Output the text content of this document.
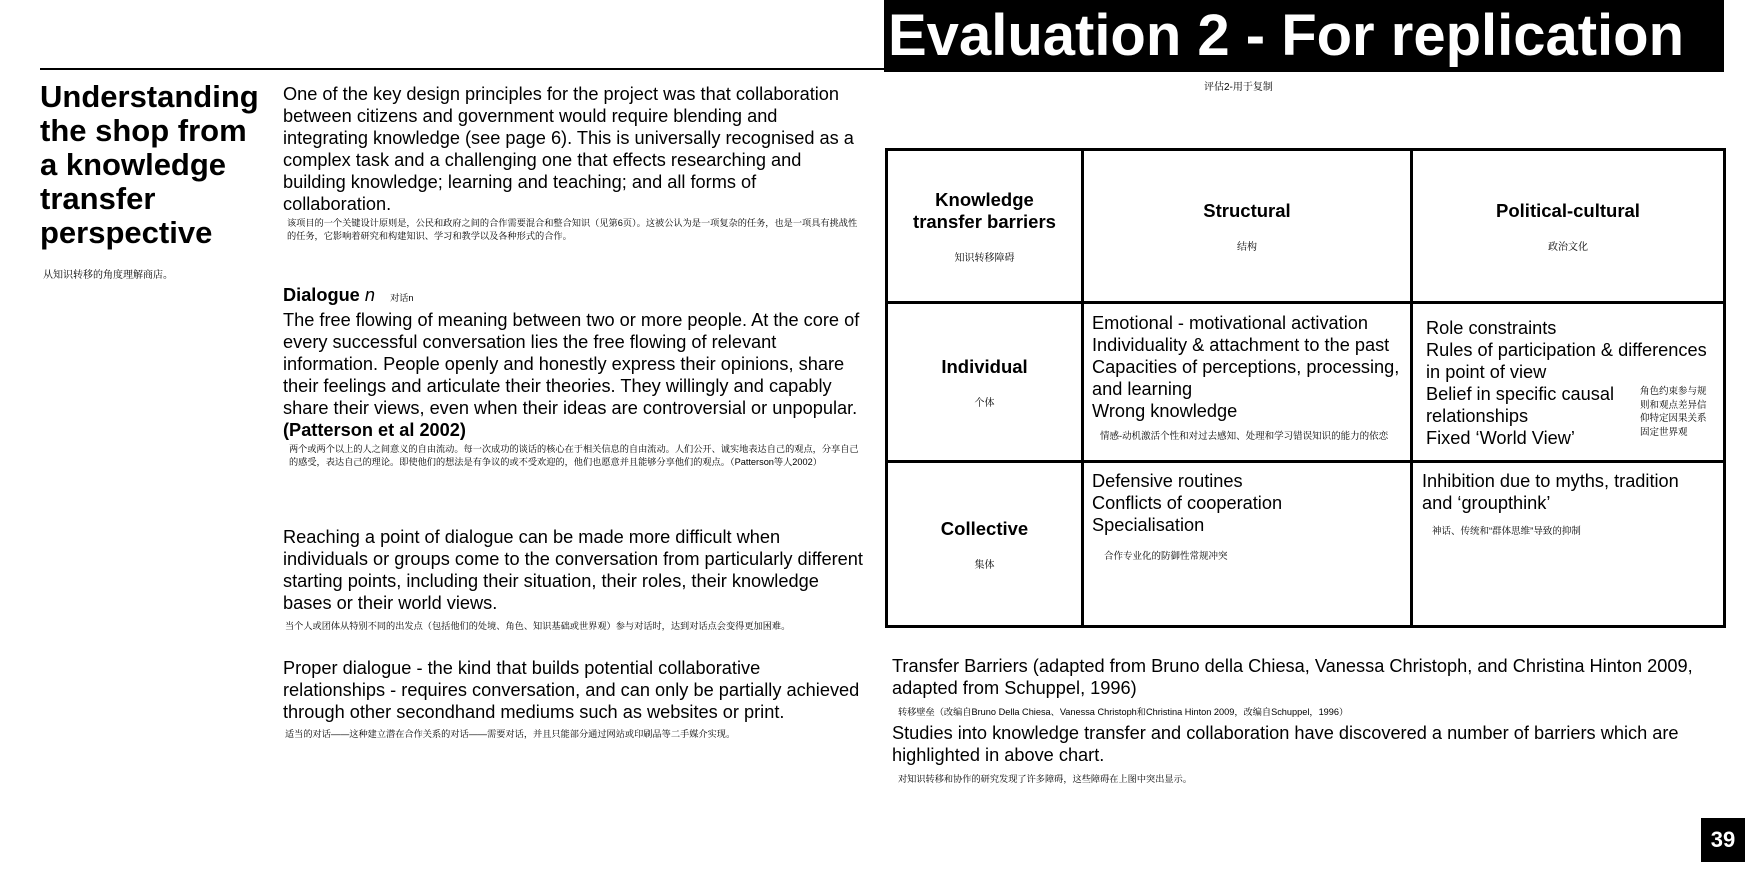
Evaluation 2 - For replication
评估2-用于复制
Understanding the shop from a knowledge transfer perspective
从知识转移的角度理解商店。
One of the key design principles for the project was that collaboration between citizens and government would require blending and integrating knowledge (see page 6). This is universally recognised as a complex task and a challenging one that effects researching and building knowledge; learning and teaching; and all forms of collaboration.
该项目的一个关键设计原则是，公民和政府之间的合作需要混合和整合知识（见第6页）。这被公认为是一项复杂的任务，也是一项具有挑战性的任务，它影响着研究和构建知识、学习和教学以及各种形式的合作。
Dialogue n 对话n
The free flowing of meaning between two or more people. At the core of every successful conversation lies the free flowing of relevant information. People openly and honestly express their opinions, share their feelings and articulate their theories. They willingly and capably share their views, even when their ideas are controversial or unpopular.
(Patterson et al 2002)
两个或两个以上的人之间意义的自由流动。每一次成功的谈话的核心在于相关信息的自由流动。人们公开、诚实地表达自己的观点，分享自己的感受，表达自己的理论。即使他们的想法是有争议的或不受欢迎的，他们也愿意并且能够分享他们的观点。（Patterson等人2002）
Reaching a point of dialogue can be made more difficult when individuals or groups come to the conversation from particularly different starting points, including their situation, their roles, their knowledge bases or their world views.
当个人或团体从特别不同的出发点（包括他们的处境、角色、知识基础或世界观）参与对话时，达到对话点会变得更加困难。
Proper dialogue - the kind that builds potential collaborative relationships - requires conversation, and can only be partially achieved through other secondhand mediums such as websites or print.
适当的对话——这种建立潜在合作关系的对话——需要对话，并且只能部分通过网站或印刷品等二手媒介实现。
Knowledge transfer barriers
知识转移障碍
Structural
结构
Political-cultural
政治文化
Individual
个体
Emotional - motivational activation
Individuality & attachment to the past
Capacities of perceptions, processing, and learning
Wrong knowledge
情感-动机激活个性和对过去感知、处理和学习错误知识的能力的依恋
Role constraints
Rules of participation & differences in point of view
Belief in specific causal relationships
Fixed ‘World View’
角色约束参与规则和观点差异信仰特定因果关系固定世界观
Collective
集体
Defensive routines
Conflicts of cooperation
Specialisation
合作专业化的防御性常规冲突
Inhibition due to myths, tradition and ‘groupthink’
神话、传统和“群体思维”导致的抑制
Transfer Barriers (adapted from Bruno della Chiesa, Vanessa Christoph, and Christina Hinton 2009, adapted from Schuppel, 1996)
转移壁垒（改编自Bruno Della Chiesa、Vanessa Christoph和Christina Hinton 2009，改编自Schuppel，1996）
Studies into knowledge transfer and collaboration have discovered a number of barriers which are highlighted in above chart.
对知识转移和协作的研究发现了许多障碍，这些障碍在上图中突出显示。
39
